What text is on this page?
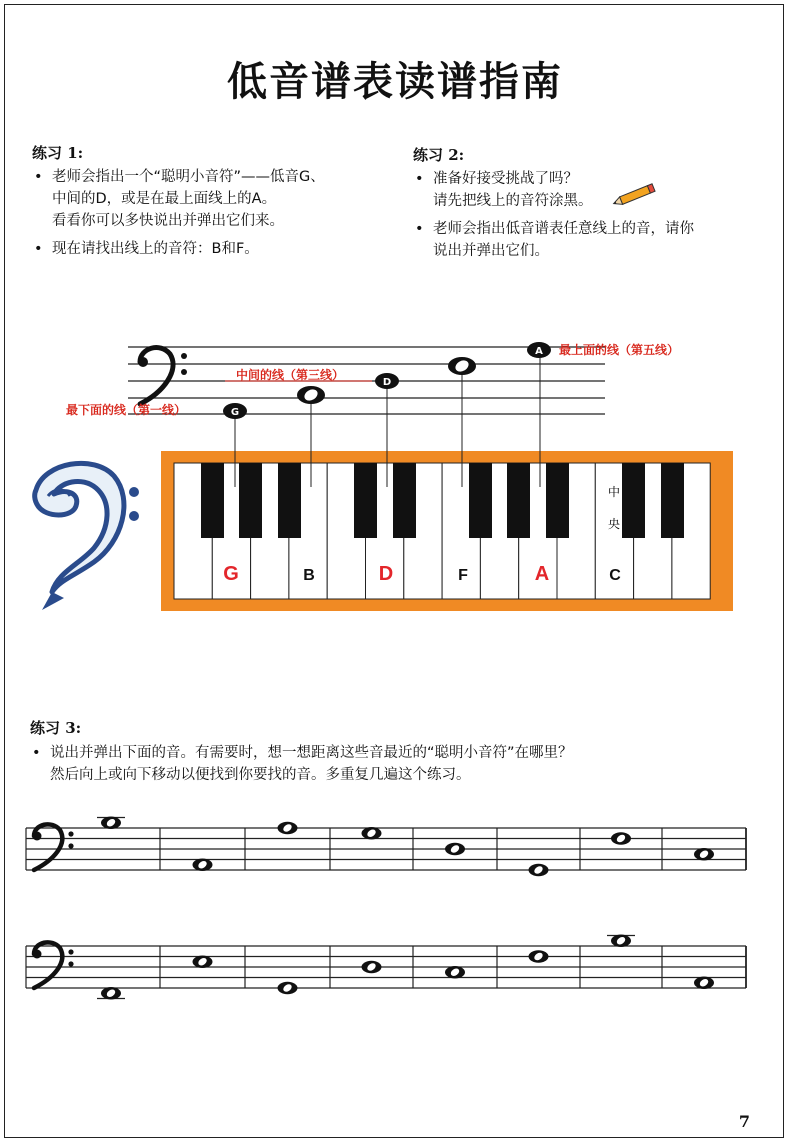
低音谱表读谱指南

练习 1:

• 老师会指出一个“聪明小音符”——低音G、
中间的D，或是在最上面线上的A。
看看你可以多快说出并弹出它们来。
• 现在请找出线上的音符：B和F。

练习 2:

• 准备好接受挑战了吗？
请先把线上的音符涂黑。
• 老师会指出低音谱表任意线上的音，请你
说出并弹出它们。
G
D
A 最上面的线（第五线）
中间的线（第三线）
最下面的线（第一线）
G	B	D	F	A	C
中
央

练习 3:

• 说出并弹出下面的音。有需要时，想一想距离这些音最近的“聪明小音符”在哪里？
然后向上或向下移动以便找到你要找的音。多重复几遍这个练习。
7
